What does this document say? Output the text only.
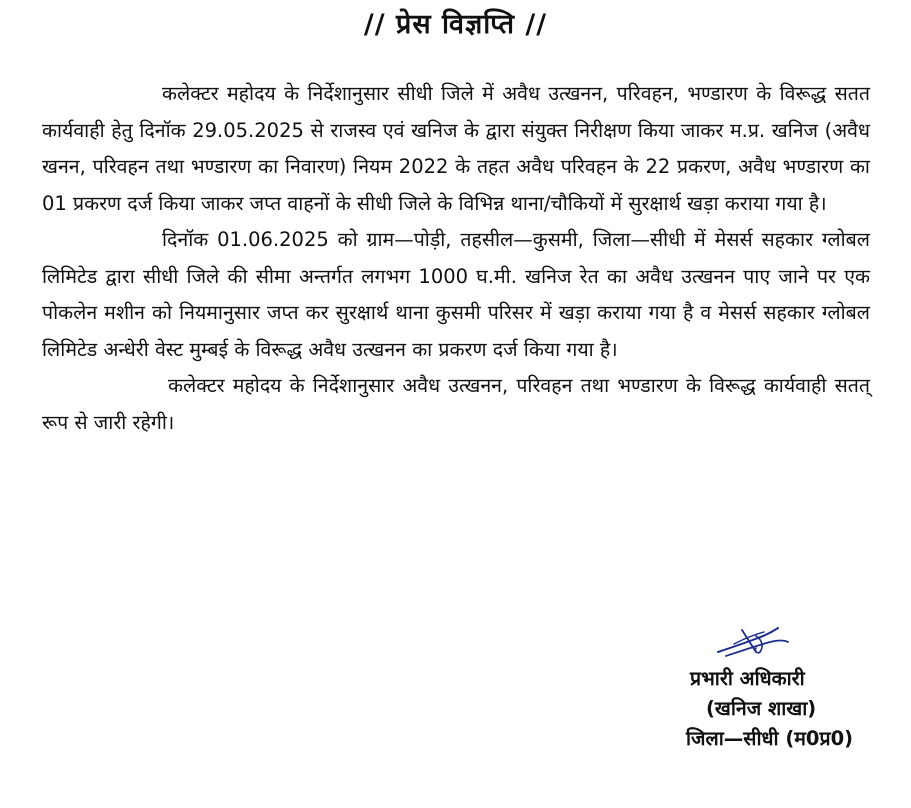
// प्रेस विज्ञप्ति //

कलेक्टर महोदय के निर्देशानुसार सीधी जिले में अवैध उत्खनन, परिवहन, भण्डारण के विरूद्ध सतत कार्यवाही हेतु दिनॉक 29.05.2025 से राजस्व एवं खनिज के द्वारा संयुक्त निरीक्षण किया जाकर म.प्र. खनिज (अवैध खनन, परिवहन तथा भण्डारण का निवारण) नियम 2022 के तहत अवैध परिवहन के 22 प्रकरण, अवैध भण्डारण का 01 प्रकरण दर्ज किया जाकर जप्त वाहनों के सीधी जिले के विभिन्न थाना/चौकियों में सुरक्षार्थ खड़ा कराया गया है।

दिनॉक 01.06.2025 को ग्राम—पोड़ी, तहसील—कुसमी, जिला—सीधी में मेसर्स सहकार ग्लोबल लिमिटेड द्वारा सीधी जिले की सीमा अन्तर्गत लगभग 1000 घ.मी. खनिज रेत का अवैध उत्खनन पाए जाने पर एक पोकलेन मशीन को नियमानुसार जप्त कर सुरक्षार्थ थाना कुसमी परिसर में खड़ा कराया गया है व मेसर्स सहकार ग्लोबल लिमिटेड अन्धेरी वेस्ट मुम्बई के विरूद्ध अवैध उत्खनन का प्रकरण दर्ज किया गया है।

कलेक्टर महोदय के निर्देशानुसार अवैध उत्खनन, परिवहन तथा भण्डारण के विरूद्ध कार्यवाही सतत् रूप से जारी रहेगी।

प्रभारी अधिकारी
(खनिज शाखा)
जिला—सीधी (म0प्र0)
